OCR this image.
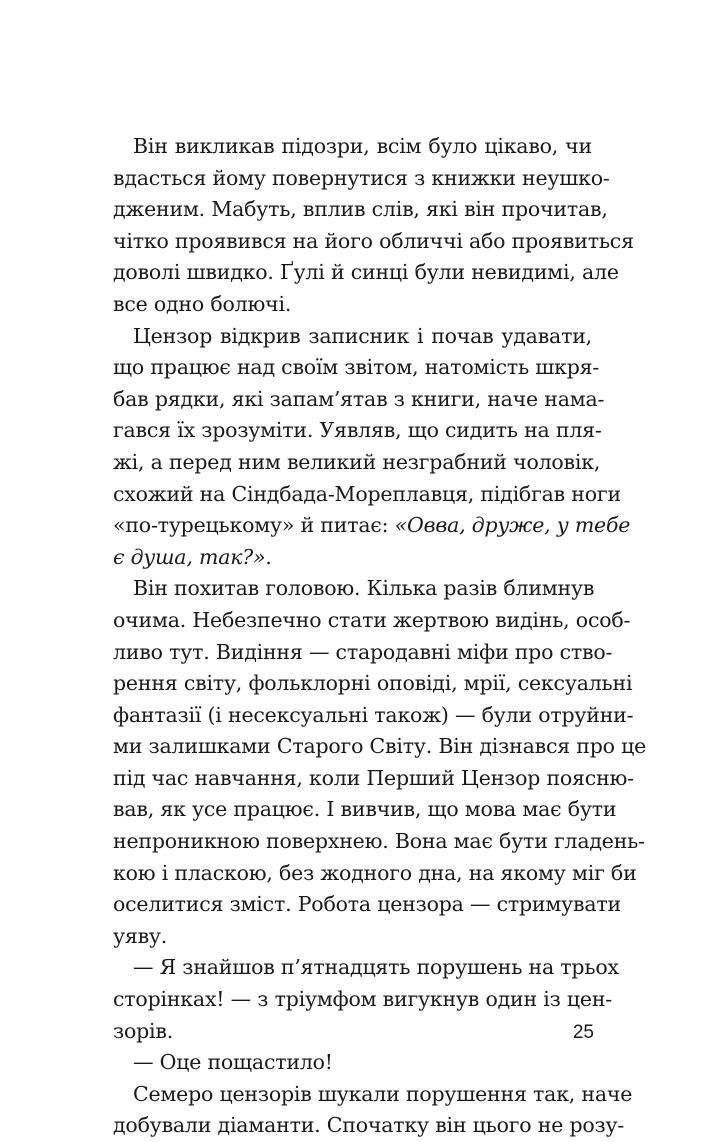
Він викликав підозри, всім було цікаво, чи
вдасться йому повернутися з книжки неушко-
дженим. Мабуть, вплив слів, які він прочитав,
чітко проявився на його обличчі або проявиться
доволі швидко. Ґулі й синці були невидимі, але
все одно болючі.
Цензор відкрив записник і почав удавати,
що працює над своїм звітом, натомість шкря-
бав рядки, які запам’ятав з книги, наче нама-
гався їх зрозуміти. Уявляв, що сидить на пля-
жі, а перед ним великий незграбний чоловік,
схожий на Сіндбада-Мореплавця, підібгав ноги
«по-турецькому» й питає: «Овва, друже, у тебе
є душа, так?».
Він похитав головою. Кілька разів блимнув
очима. Небезпечно стати жертвою видінь, особ-
ливо тут. Видіння — стародавні міфи про ство-
рення світу, фольклорні оповіді, мрії, сексуальні
фантазії (і несексуальні також) — були отруйни-
ми залишками Старого Світу. Він дізнався про це
під час навчання, коли Перший Цензор поясню-
вав, як усе працює. І вивчив, що мова має бути
непроникною поверхнею. Вона має бути гладень-
кою і пласкою, без жодного дна, на якому міг би
оселитися зміст. Робота цензора — стримувати
уяву.
— Я знайшов п’ятнадцять порушень на трьох
сторінках! — з тріумфом вигукнув один із цен-
зорів.
— Оце пощастило!
Семеро цензорів шукали порушення так, наче
добували діаманти. Спочатку він цього не розу-
25
